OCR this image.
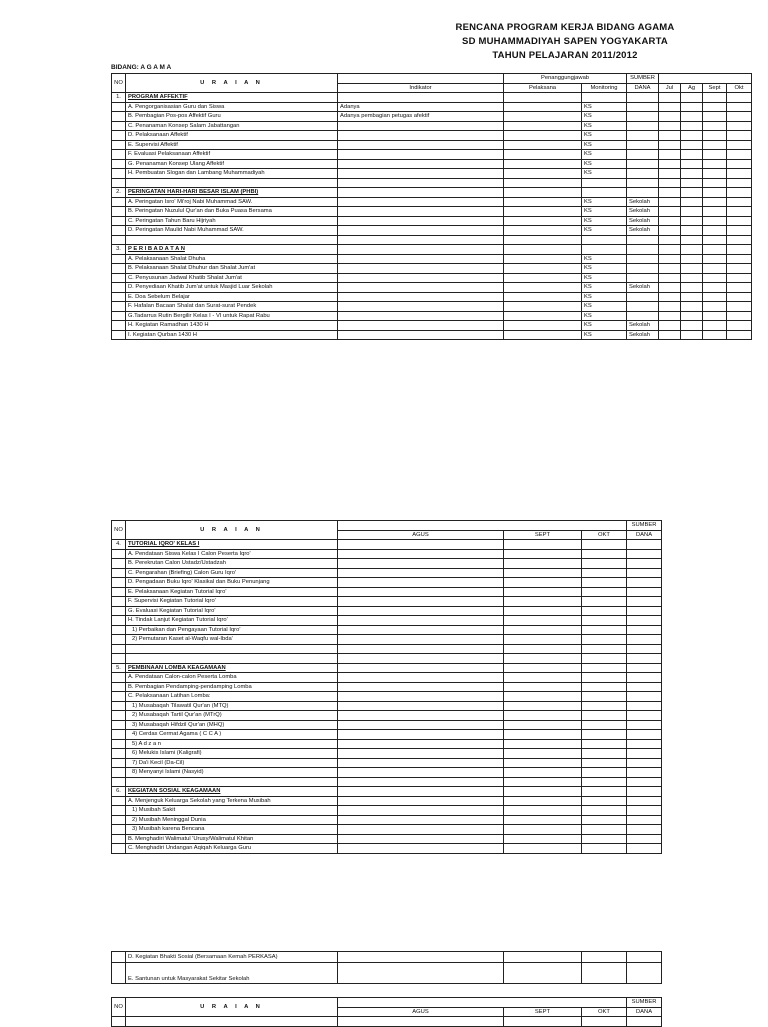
RENCANA PROGRAM KERJA BIDANG AGAMA
SD MUHAMMADIYAH SAPEN YOGYAKARTA
TAHUN PELAJARAN 2011/2012
BIDANG: A G A M A
NO	U R A I A N		Penanggungjawab		SUMBER				
		Indikator	Pelaksana	Monitoring	DANA	Jul	Ag	Sept	Okt
1.	PROGRAM AFFEKTIF								
	A. Pengorganisasian Guru dan Siswa	Adanya		KS					
	B. Pembagian Pos-pos Affektif Guru	Adanya pembagian petugas afektif		KS					
	C. Penanaman Konsep Salam Jabattangan			KS					
	D. Pelaksanaan Affektif			KS					
	E. Supervisi Affektif			KS					
	F. Evaluasi Pelaksanaan Affektif			KS					
	G. Penanaman Konsep Ulang Affektif			KS					
	H. Pembuatan Slogan dan Lambang Muhammadiyah			KS					

2.	PERINGATAN HARI-HARI BESAR ISLAM (PHBI)								
	A. Peringatan Isro' Mi'roj Nabi Muhammad SAW.			KS	Sekolah				
	B. Peringatan Nuzulul Qur'an dan Buka Puasa Bersama			KS	Sekolah				
	C. Peringatan Tahun Baru Hijriyah			KS	Sekolah				
	D. Peringatan Maulid Nabi Muhammad SAW.			KS	Sekolah				

3.	P E R I B A D A T A N								
	A. Pelaksanaan Shalat Dhuha			KS					
	B. Pelaksanaan Shalat Dhuhur dan Shalat Jum'at			KS					
	C. Penyusunan Jadwal Khatib Shalat Jum'at			KS					
	D. Penyediaan Khatib Jum'at untuk Masjid Luar Sekolah			KS	Sekolah				
	E. Doa Sebelum Belajar			KS					
	F. Hafalan Bacaan Shalat dan Surat-surat Pendek			KS					
	G.Tadarrus Rutin Bergilir Kelas I - VI untuk Rapat Rabu			KS					
	H. Kegiatan Ramadhan 1430 H			KS	Sekolah				
	I. Kegiatan Qurban 1430 H			KS	Sekolah				
NO	U R A I A N				SUMBER
		AGUS	SEPT	OKT	DANA
4.	TUTORIAL IQRO' KELAS I				
	A. Pendataan Siswa Kelas I Calon Peserta Iqro'				
	B. Perekrutan Calon Ustadz/Ustadzah				
	C. Pengarahan (Briefing) Calon Guru Iqro'				
	D. Pengadaan Buku Iqro' Klasikal dan Buku Penunjang				
	E. Pelaksanaan Kegiatan Tutorial Iqro'				
	F. Supervisi Kegiatan Tutorial Iqro'				
	G. Evaluasi Kegiatan Tutorial Iqro'				
	H. Tindak Lanjut Kegiatan Tutorial Iqro'				
	1) Perbaikan dan Pengayaan Tutorial Iqro'				
	2) Pemutaran Kaset al-Waqfu wal-Ibda'				

5.	PEMBINAAN LOMBA KEAGAMAAN				
	A. Pendataan Calon-calon Peserta Lomba				
	B. Pembagian Pendamping-pendamping Lomba				
	C. Pelaksanaan Latihan Lomba:				
	1) Musabaqah Tilawatil Qur'an (MTQ)				
	2) Musabaqah Tartil Qur'an (MTrQ)				
	3) Musabaqah Hifdzil Qur'an (MHQ)				
	4) Cerdas Cermat Agama ( C C A )				
	5) A d z a n				
	6) Melukis Islami (Kaligrafi)				
	7) Da'i Kecil (Da-Cil)				
	8) Menyanyi Islami (Nasyid)				

6.	KEGIATAN SOSIAL KEAGAMAAN				
	A. Menjenguk Keluarga Sekolah yang Terkena Musibah				
	1) Musibah Sakit				
	2) Musibah Meninggal Dunia				
	3) Musibah karena Bencana				
	B. Menghadiri Walimatul 'Urusy/Walimatul Khitan				
	C. Menghadiri Undangan Aqiqah Keluarga Guru				
	D. Kegiatan Bhakti Sosial (Bersamaan Kemah PERKASA)				
	E. Santunan untuk Masyarakat Sekitar Sekolah				
NO	U R A I A N				SUMBER
		AGUS	SEPT	OKT	DANA
